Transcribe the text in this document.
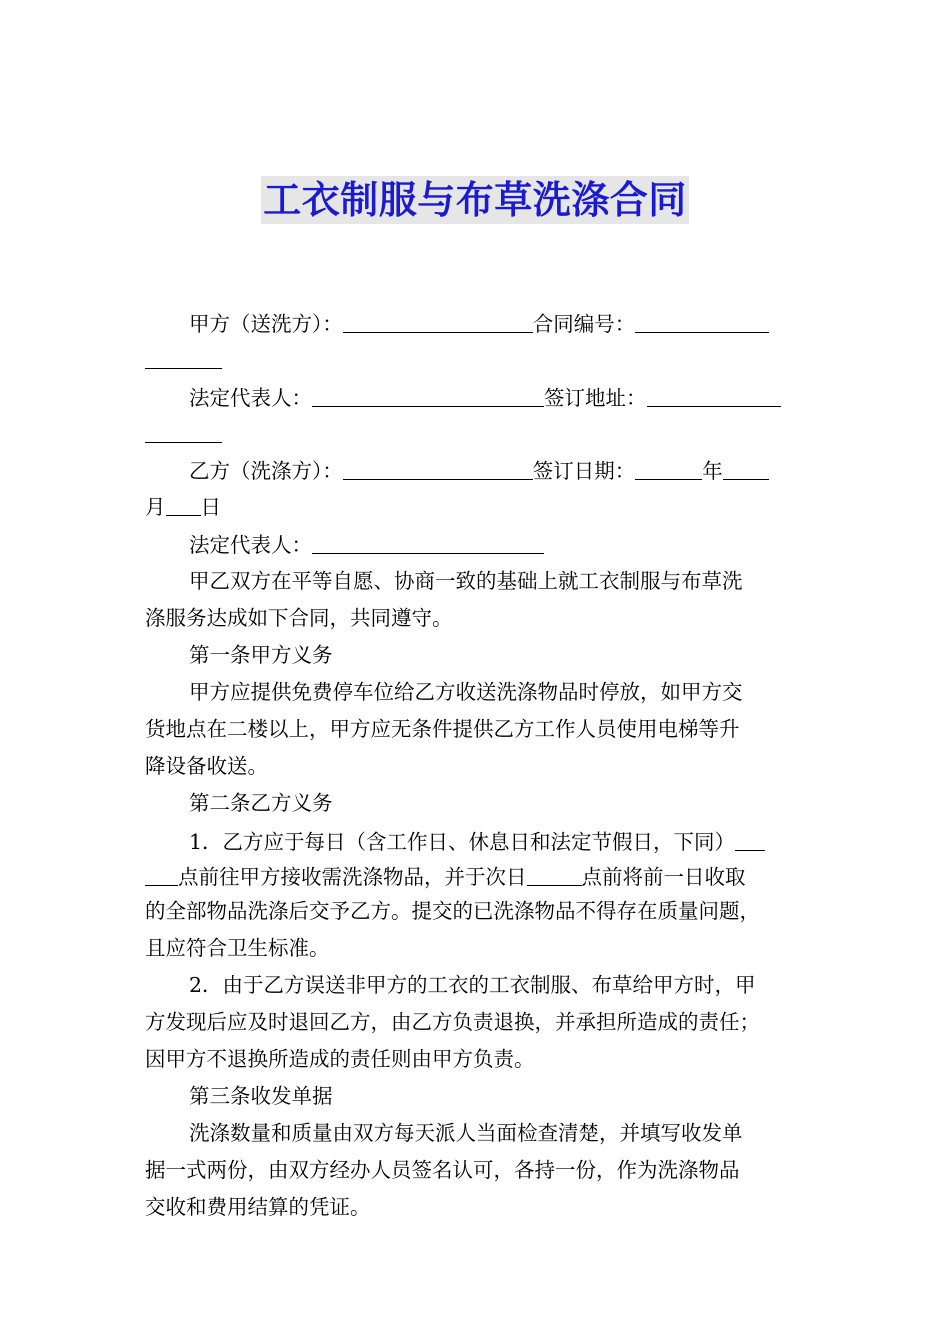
工衣制服与布草洗涤合同
甲方（送洗方）：	合同编号：
法定代表人：	签订地址：
乙方（洗涤方）：	签订日期：	年
月 日
法定代表人：
甲乙双方在平等自愿、协商一致的基础上就工衣制服与布草洗
涤服务达成如下合同，共同遵守。
第一条甲方义务
甲方应提供免费停车位给乙方收送洗涤物品时停放，如甲方交
货地点在二楼以上，甲方应无条件提供乙方工作人员使用电梯等升
降设备收送。
第二条乙方义务
1．乙方应于每日（含工作日、休息日和法定节假日，下同）
点前往甲方接收需洗涤物品，并于次日	点前将前一日收取
的全部物品洗涤后交予乙方。提交的已洗涤物品不得存在质量问题，
且应符合卫生标准。
2．由于乙方误送非甲方的工衣的工衣制服、布草给甲方时，甲
方发现后应及时退回乙方，由乙方负责退换，并承担所造成的责任；
因甲方不退换所造成的责任则由甲方负责。
第三条收发单据
洗涤数量和质量由双方每天派人当面检查清楚，并填写收发单
据一式两份，由双方经办人员签名认可，各持一份，作为洗涤物品
交收和费用结算的凭证。
